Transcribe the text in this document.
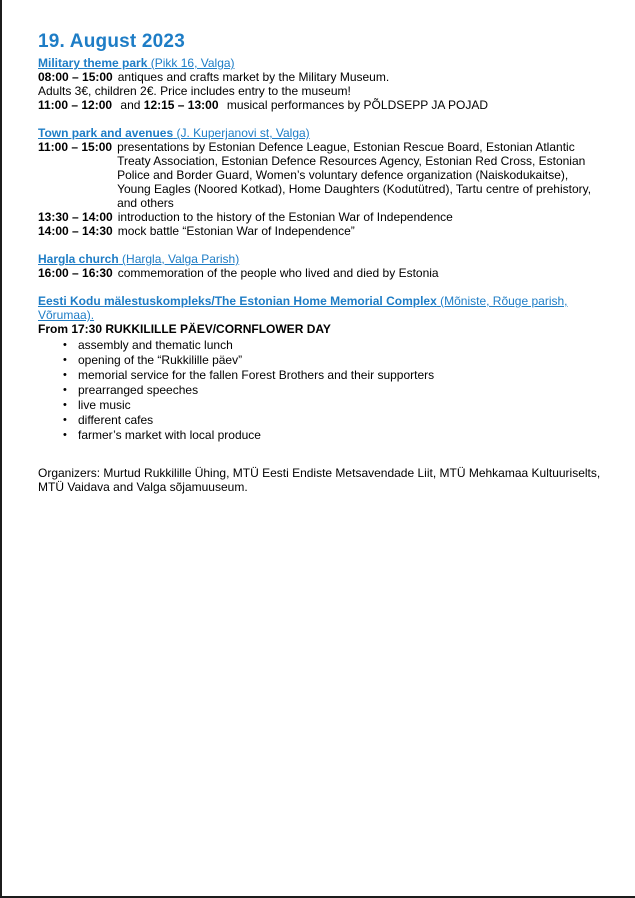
19. August 2023
Military theme park (Pikk 16, Valga)
08:00 – 15:00 antiques and crafts market by the Military Museum.

Adults 3€, children 2€. Price includes entry to the museum!

11:00 – 12:00 and 12:15 – 13:00 musical performances by PÕLDSEPP JA POJAD

Town park and avenues (J. Kuperjanovi st, Valga)
11:00 – 15:00 presentations by Estonian Defence League, Estonian Rescue Board, Estonian Atlantic Treaty Association, Estonian Defence Resources Agency, Estonian Red Cross, Estonian Police and Border Guard, Women’s voluntary defence organization (Naiskodukaitse), Young Eagles (Noored Kotkad), Home Daughters (Kodutütred), Tartu centre of prehistory, and others
13:30 – 14:00 introduction to the history of the Estonian War of Independence
14:00 – 14:30 mock battle “Estonian War of Independence”
Hargla church (Hargla, Valga Parish)
16:00 – 16:30 commemoration of the people who lived and died by Estonia
Eesti Kodu mälestuskompleks/The Estonian Home Memorial Complex (Mõniste, Rõuge parish, Võrumaa).

From 17:30 RUKKILILLE PÄEV/CORNFLOWER DAY

• assembly and thematic lunch
• opening of the “Rukkilille päev”
• memorial service for the fallen Forest Brothers and their supporters
• prearranged speeches
• live music
• different cafes
• farmer’s market with local produce

Organizers: Murtud Rukkilille Ühing, MTÜ Eesti Endiste Metsavendade Liit, MTÜ Mehkamaa Kultuuriselts, MTÜ Vaidava and Valga sõjamuuseum.
